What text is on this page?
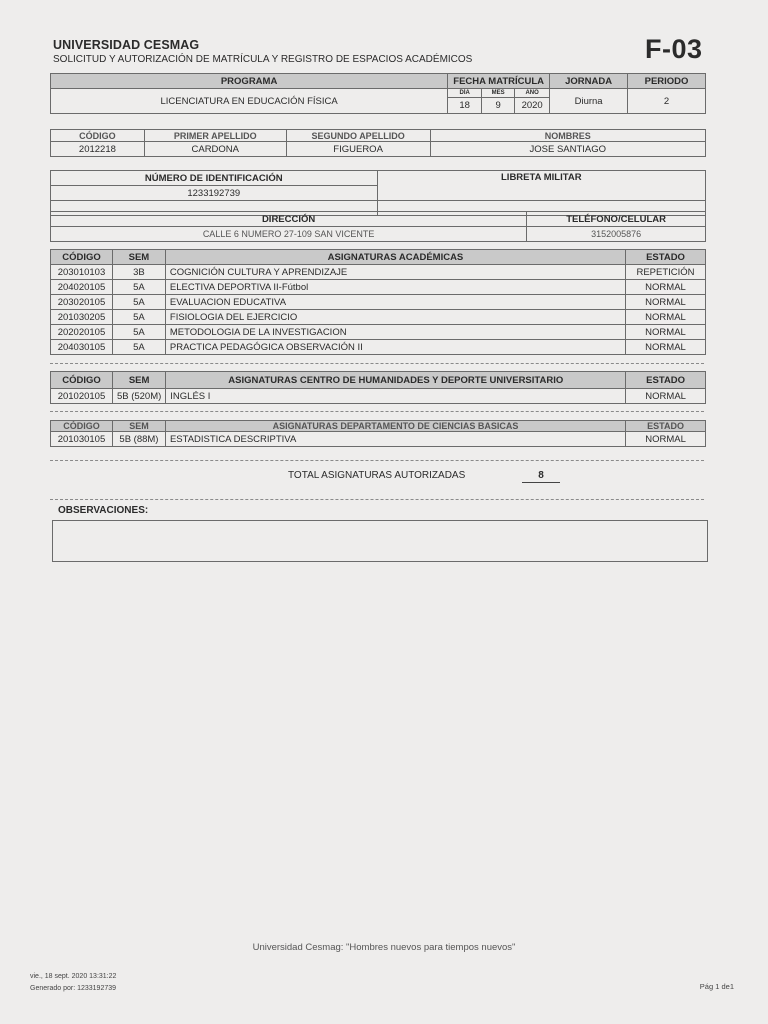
UNIVERSIDAD CESMAG
SOLICITUD Y AUTORIZACIÓN DE MATRÍCULA Y REGISTRO DE ESPACIOS ACADÉMICOS	F-03
PROGRAMA	FECHA MATRÍCULA			JORNADA	PERIODO
LICENCIATURA EN EDUCACIÓN FÍSICA	DÍA	MES	AÑO	Diurna	2
	18	9	2020		
CÓDIGO	PRIMER APELLIDO	SEGUNDO APELLIDO	NOMBRES
2012218	CARDONA	FIGUEROA	JOSE SANTIAGO
NÚMERO DE IDENTIFICACIÓN	LIBRETA MILITAR
1233192739	

DIRECCIÓN	TELÉFONO/CELULAR
CALLE 6 NUMERO 27-109 SAN VICENTE	3152005876
CÓDIGO	SEM	ASIGNATURAS ACADÉMICAS	ESTADO
203010103	3B	COGNICIÓN CULTURA Y APRENDIZAJE	REPETICIÓN
204020105	5A	ELECTIVA DEPORTIVA II-Fútbol	NORMAL
203020105	5A	EVALUACION EDUCATIVA	NORMAL
201030205	5A	FISIOLOGIA DEL EJERCICIO	NORMAL
202020105	5A	METODOLOGIA DE LA INVESTIGACION	NORMAL
204030105	5A	PRACTICA PEDAGÓGICA OBSERVACIÓN II	NORMAL
CÓDIGO	SEM	ASIGNATURAS CENTRO DE HUMANIDADES Y DEPORTE UNIVERSITARIO	ESTADO
201020105	5B (520M)	INGLÉS I	NORMAL
CÓDIGO	SEM	ASIGNATURAS DEPARTAMENTO DE CIENCIAS BASICAS	ESTADO
201030105	5B (88M)	ESTADISTICA DESCRIPTIVA	NORMAL
TOTAL ASIGNATURAS AUTORIZADAS	8
OBSERVACIONES:
Universidad Cesmag: "Hombres nuevos para tiempos nuevos"
vie., 18 sept. 2020 13:31:22
Generado por: 1233192739	Pág 1 de1
